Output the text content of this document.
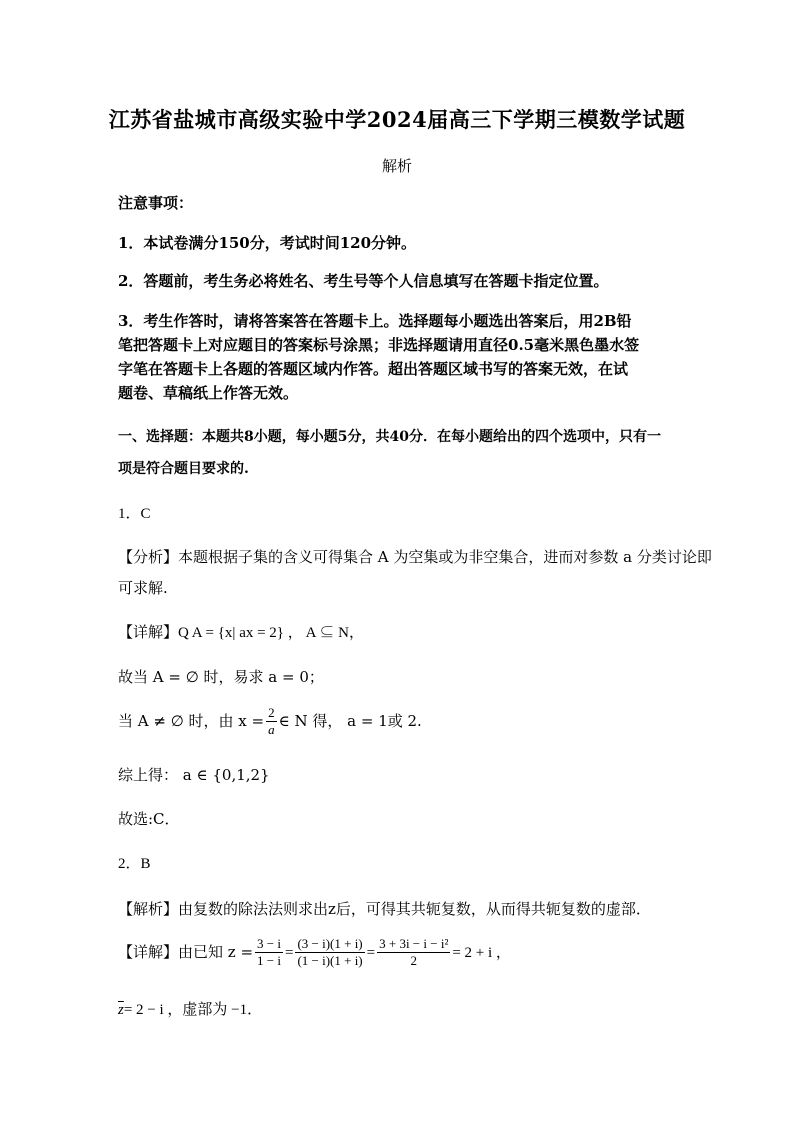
江苏省盐城市高级实验中学2024届高三下学期三模数学试题
解析
注意事项：
1．本试卷满分150分，考试时间120分钟。
2．答题前，考生务必将姓名、考生号等个人信息填写在答题卡指定位置。
3．考生作答时，请将答案答在答题卡上。选择题每小题选出答案后，用2B铅
笔把答题卡上对应题目的答案标号涂黑；非选择题请用直径0.5毫米黑色墨水签
字笔在答题卡上各题的答题区域内作答。超出答题区域书写的答案无效，在试
题卷、草稿纸上作答无效。
一、选择题：本题共8小题，每小题5分，共40分．在每小题给出的四个选项中，只有一
项是符合题目要求的.
1．C
【分析】本题根据子集的含义可得集合 A 为空集或为非空集合，进而对参数 a 分类讨论即
可求解.
【详解】Q A = {x| ax = 2} ， A ⊆ N，
故当 A = ∅ 时，易求 a = 0；
当 A ≠ ∅ 时，由 $x = \frac{2}{a}$ ∈ N 得， a = 1或 2.
综上得： a ∈ {0,1,2}
故选:C．
2．B
【解析】由复数的除法法则求出z后，可得其共轭复数，从而得共轭复数的虚部．
【详解】由已知 $z = \frac{3 - i}{1 - i} = \frac{(3 - i)(1 + i)}{(1 - i)(1 + i)} = \frac{\text{3 + 3i − i − i²}}{2} = 2 + i$ ，
$\overline{z}= 2 - i$ ，虚部为 −1．
